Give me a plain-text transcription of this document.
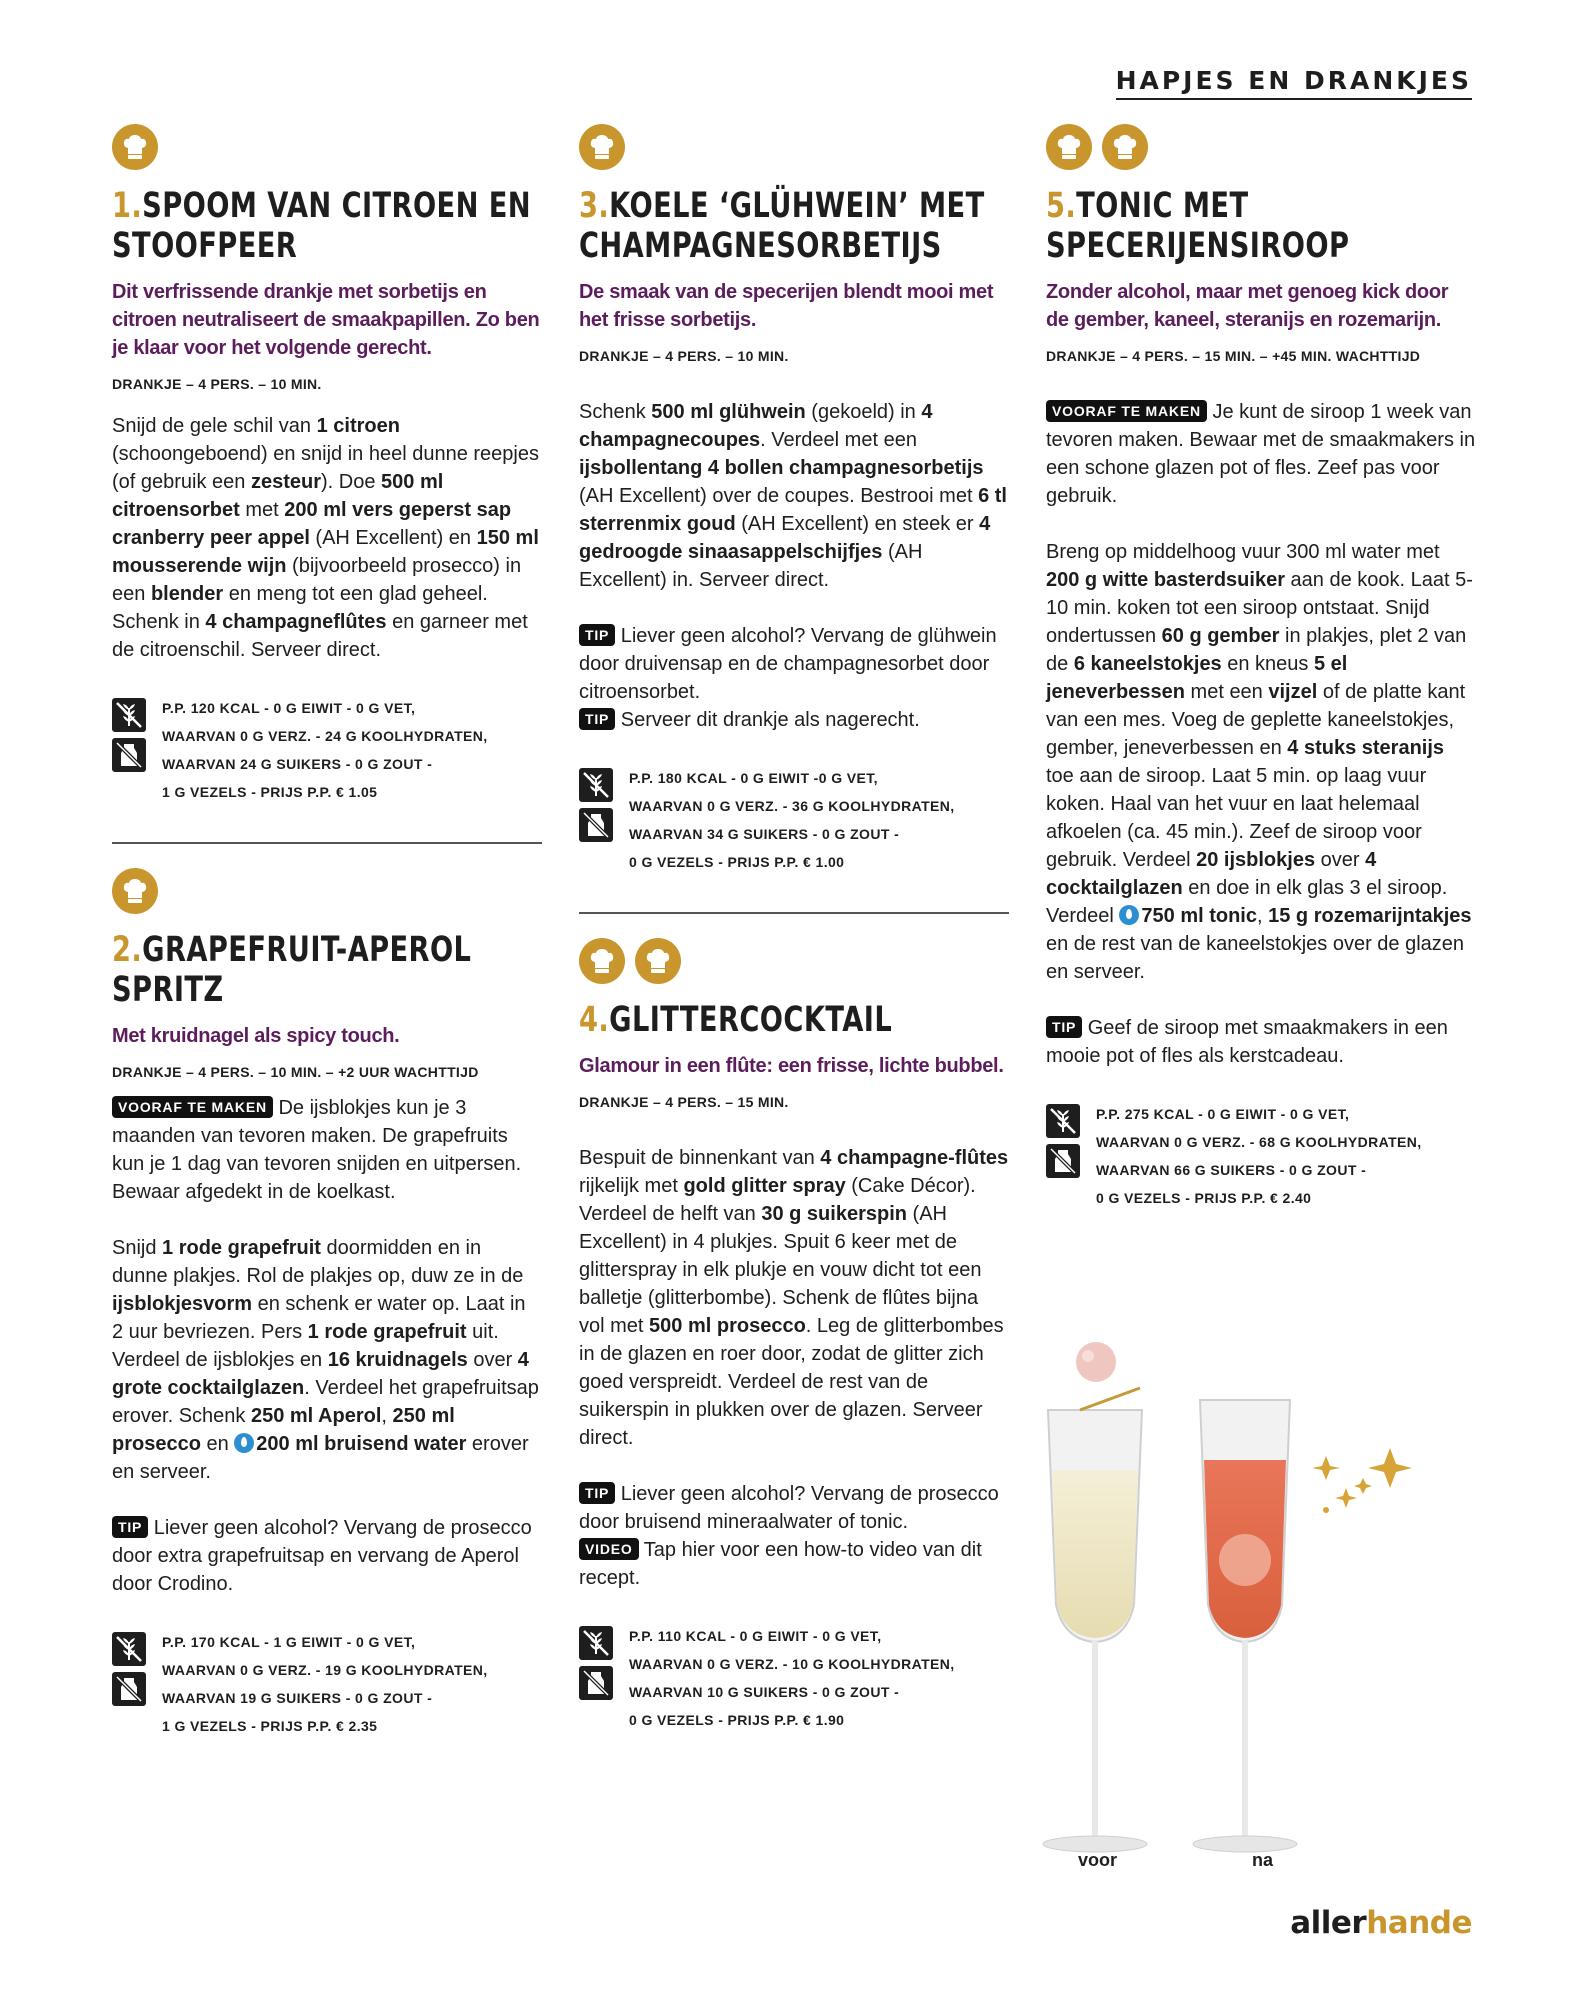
HAPJES EN DRANKJES
1.SPOOM VAN CITROEN EN
STOOFPEER
Dit verfrissende drankje met sorbetijs en citroen neutraliseert de smaakpapillen. Zo ben je klaar voor het volgende gerecht.
DRANKJE – 4 PERS. – 10 MIN.

Snijd de gele schil van 1 citroen (schoongeboend) en snijd in heel dunne reepjes (of gebruik een zesteur). Doe 500 ml citroensorbet met 200 ml vers geperst sap cranberry peer appel (AH Excellent) en 150 ml mousserende wijn (bijvoorbeeld prosecco) in een blender en meng tot een glad geheel. Schenk in 4 champagneflûtes en garneer met de citroenschil. Serveer direct.

P.P. 120 KCAL - 0 G EIWIT - 0 G VET,
WAARVAN 0 G VERZ. - 24 G KOOLHYDRATEN,
WAARVAN 24 G SUIKERS - 0 G ZOUT -
1 G VEZELS - PRIJS P.P. € 1.05
2.GRAPEFRUIT-APEROL SPRITZ
Met kruidnagel als spicy touch.
DRANKJE – 4 PERS. – 10 MIN. – +2 UUR WACHTTIJD

VOORAF TE MAKEN De ijsblokjes kun je 3 maanden van tevoren maken. De grapefruits kun je 1 dag van tevoren snijden en uitpersen. Bewaar afgedekt in de koelkast.

Snijd 1 rode grapefruit doormidden en in dunne plakjes. Rol de plakjes op, duw ze in de ijsblokjesvorm en schenk er water op. Laat in 2 uur bevriezen. Pers 1 rode grapefruit uit. Verdeel de ijsblokjes en 16 kruidnagels over 4 grote cocktailglazen. Verdeel het grapefruitsap erover. Schenk 250 ml Aperol, 250 ml prosecco en 200 ml bruisend water erover en serveer.

TIP Liever geen alcohol? Vervang de prosecco door extra grapefruitsap en vervang de Aperol door Crodino.

P.P. 170 KCAL - 1 G EIWIT - 0 G VET,
WAARVAN 0 G VERZ. - 19 G KOOLHYDRATEN,
WAARVAN 19 G SUIKERS - 0 G ZOUT -
1 G VEZELS - PRIJS P.P. € 2.35
3.KOELE ‘GLÜHWEIN’ MET
CHAMPAGNESORBETIJS
De smaak van de specerijen blendt mooi met het frisse sorbetijs.
DRANKJE – 4 PERS. – 10 MIN.

Schenk 500 ml glühwein (gekoeld) in 4 champagnecoupes. Verdeel met een ijsbollentang 4 bollen champagnesorbetijs (AH Excellent) over de coupes. Bestrooi met 6 tl sterrenmix goud (AH Excellent) en steek er 4 gedroogde sinaasappelschijfjes (AH Excellent) in. Serveer direct.

TIP Liever geen alcohol? Vervang de glühwein door druivensap en de champagnesorbet door citroensorbet.
TIP Serveer dit drankje als nagerecht.

P.P. 180 KCAL - 0 G EIWIT -0 G VET,
WAARVAN 0 G VERZ. - 36 G KOOLHYDRATEN,
WAARVAN 34 G SUIKERS - 0 G ZOUT -
0 G VEZELS - PRIJS P.P. € 1.00
4.GLITTERCOCKTAIL
Glamour in een flûte: een frisse, lichte bubbel.
DRANKJE – 4 PERS. – 15 MIN.

Bespuit de binnenkant van 4 champagne-flûtes rijkelijk met gold glitter spray (Cake Décor). Verdeel de helft van 30 g suikerspin (AH Excellent) in 4 plukjes. Spuit 6 keer met de glitterspray in elk plukje en vouw dicht tot een balletje (glitterbombe). Schenk de flûtes bijna vol met 500 ml prosecco. Leg de glitterbombes in de glazen en roer door, zodat de glitter zich goed verspreidt. Verdeel de rest van de suikerspin in plukken over de glazen. Serveer direct.

TIP Liever geen alcohol? Vervang de prosecco door bruisend mineraalwater of tonic.
VIDEO Tap hier voor een how-to video van dit recept.

P.P. 110 KCAL - 0 G EIWIT - 0 G VET,
WAARVAN 0 G VERZ. - 10 G KOOLHYDRATEN,
WAARVAN 10 G SUIKERS - 0 G ZOUT -
0 G VEZELS - PRIJS P.P. € 1.90
5.TONIC MET
SPECERIJENSIROOP
Zonder alcohol, maar met genoeg kick door de gember, kaneel, steranijs en rozemarijn.
DRANKJE – 4 PERS. – 15 MIN. – +45 MIN. WACHTTIJD

VOORAF TE MAKEN Je kunt de siroop 1 week van tevoren maken. Bewaar met de smaakmakers in een schone glazen pot of fles. Zeef pas voor gebruik.

Breng op middelhoog vuur 300 ml water met 200 g witte basterdsuiker aan de kook. Laat 5-10 min. koken tot een siroop ontstaat. Snijd ondertussen 60 g gember in plakjes, plet 2 van de 6 kaneelstokjes en kneus 5 el jeneverbessen met een vijzel of de platte kant van een mes. Voeg de geplette kaneelstokjes, gember, jeneverbessen en 4 stuks steranijs toe aan de siroop. Laat 5 min. op laag vuur koken. Haal van het vuur en laat helemaal afkoelen (ca. 45 min.). Zeef de siroop voor gebruik. Verdeel 20 ijsblokjes over 4 cocktailglazen en doe in elk glas 3 el siroop. Verdeel 750 ml tonic, 15 g rozemarijntakjes en de rest van de kaneelstokjes over de glazen en serveer.

TIP Geef de siroop met smaakmakers in een mooie pot of fles als kerstcadeau.

P.P. 275 KCAL - 0 G EIWIT - 0 G VET,
WAARVAN 0 G VERZ. - 68 G KOOLHYDRATEN,
WAARVAN 66 G SUIKERS - 0 G ZOUT -
0 G VEZELS - PRIJS P.P. € 2.40
voor	na
allerhande
